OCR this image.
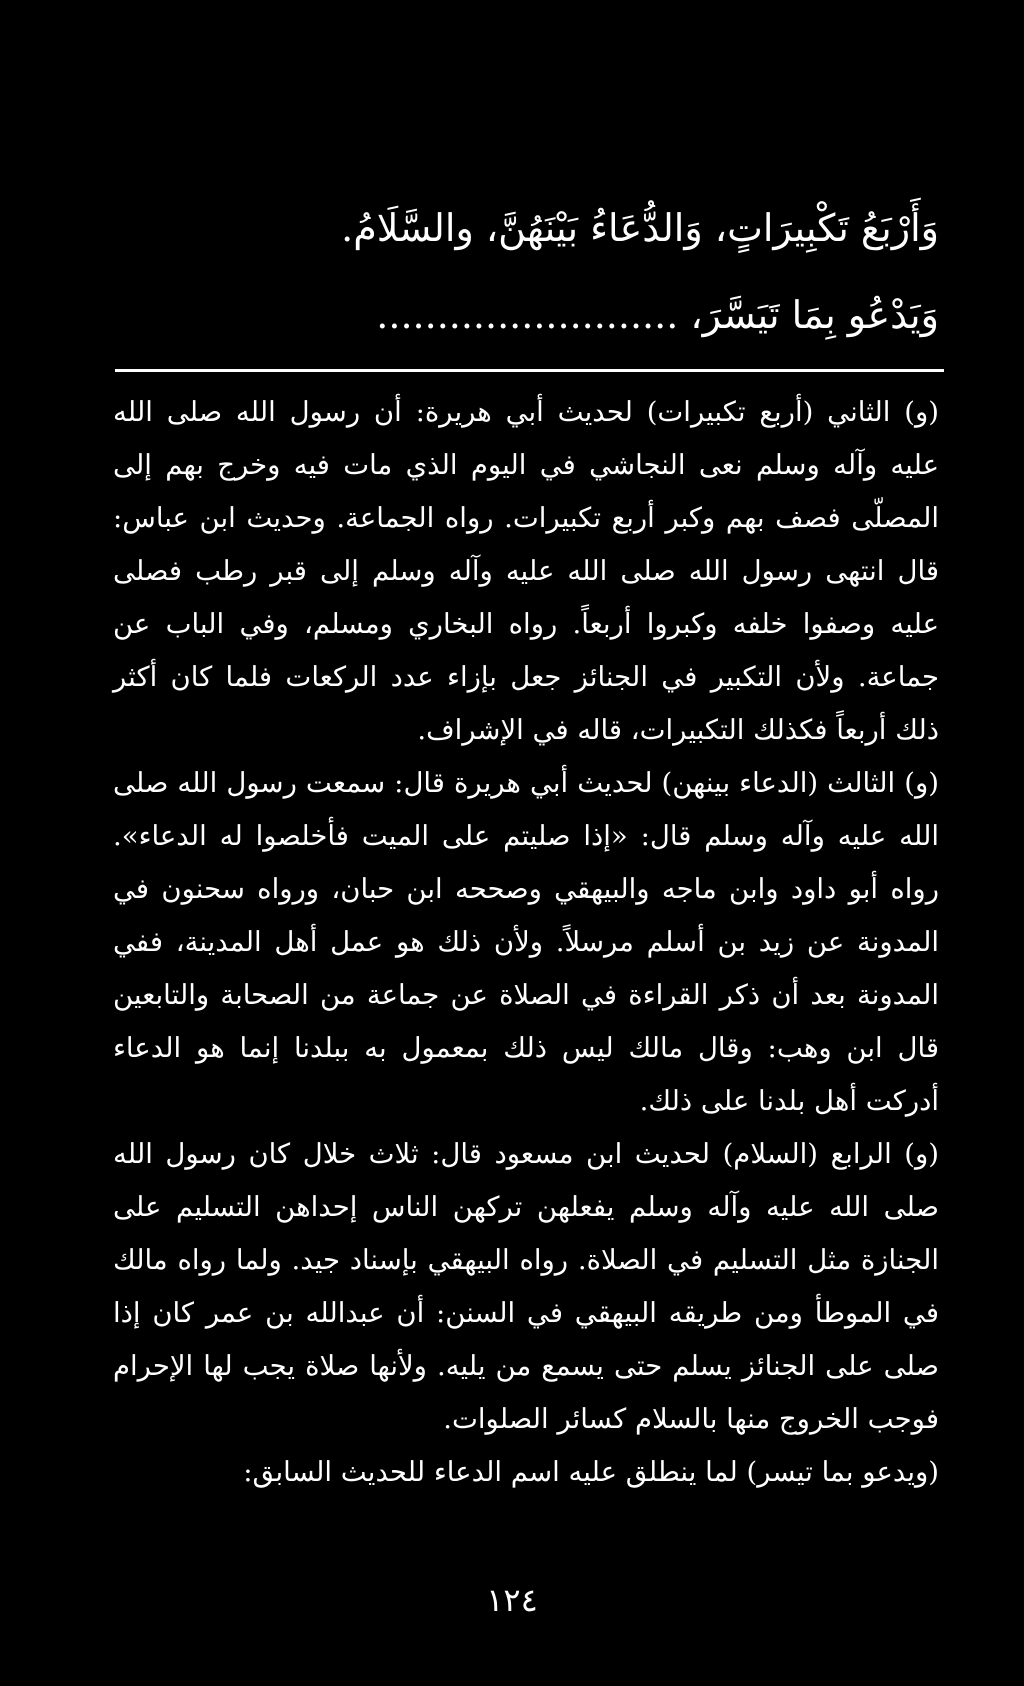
وَأَرْبَعُ تَكْبِيرَاتٍ، وَالدُّعَاءُ بَيْنَهُنَّ، والسَّلَامُ.
وَيَدْعُو بِمَا تَيَسَّرَ، .........................

(و) الثاني (أربع تكبيرات) لحديث أبي هريرة: أن رسول الله صلى الله عليه وآله وسلم نعى النجاشي في اليوم الذي مات فيه وخرج بهم إلى المصلّى فصف بهم وكبر أربع تكبيرات. رواه الجماعة. وحديث ابن عباس: قال انتهى رسول الله صلى الله عليه وآله وسلم إلى قبر رطب فصلى عليه وصفوا خلفه وكبروا أربعاً. رواه البخاري ومسلم، وفي الباب عن جماعة. ولأن التكبير في الجنائز جعل بإزاء عدد الركعات فلما كان أكثر ذلك أربعاً فكذلك التكبيرات، قاله في الإشراف.

(و) الثالث (الدعاء بينهن) لحديث أبي هريرة قال: سمعت رسول الله صلى الله عليه وآله وسلم قال: «إذا صليتم على الميت فأخلصوا له الدعاء». رواه أبو داود وابن ماجه والبيهقي وصححه ابن حبان، ورواه سحنون في المدونة عن زيد بن أسلم مرسلاً. ولأن ذلك هو عمل أهل المدينة، ففي المدونة بعد أن ذكر القراءة في الصلاة عن جماعة من الصحابة والتابعين قال ابن وهب: وقال مالك ليس ذلك بمعمول به ببلدنا إنما هو الدعاء أدركت أهل بلدنا على ذلك.

(و) الرابع (السلام) لحديث ابن مسعود قال: ثلاث خلال كان رسول الله صلى الله عليه وآله وسلم يفعلهن تركهن الناس إحداهن التسليم على الجنازة مثل التسليم في الصلاة. رواه البيهقي بإسناد جيد. ولما رواه مالك في الموطأ ومن طريقه البيهقي في السنن: أن عبدالله بن عمر كان إذا صلى على الجنائز يسلم حتى يسمع من يليه. ولأنها صلاة يجب لها الإحرام فوجب الخروج منها بالسلام كسائر الصلوات.

(ويدعو بما تيسر) لما ينطلق عليه اسم الدعاء للحديث السابق:

١٢٤
